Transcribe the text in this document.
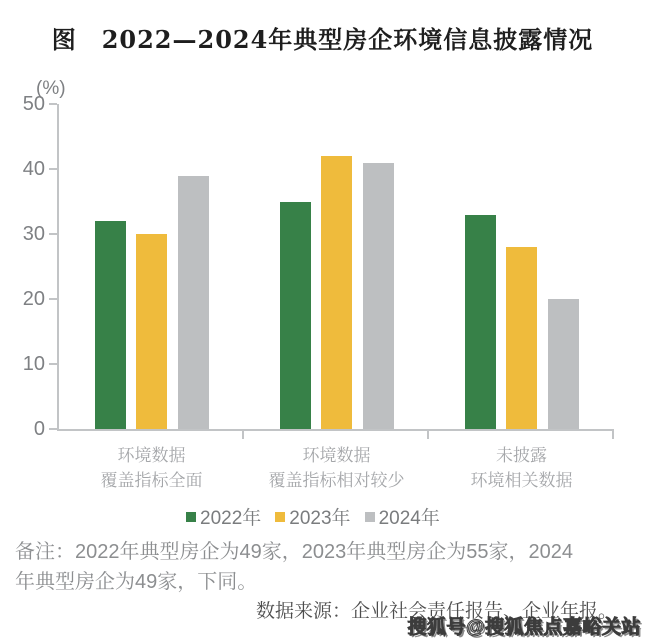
图　2022—2024年典型房企环境信息披露情况
(%)
0
10
20
30
40
50
环境数据
覆盖指标全面
环境数据
覆盖指标相对较少
未披露
环境相关数据
2022年 2023年 2024年
备注：2022年典型房企为49家，2023年典型房企为55家，2024
年典型房企为49家，下同。
数据来源：企业社会责任报告、企业年报。
搜狐号@搜狐焦点嘉峪关站
